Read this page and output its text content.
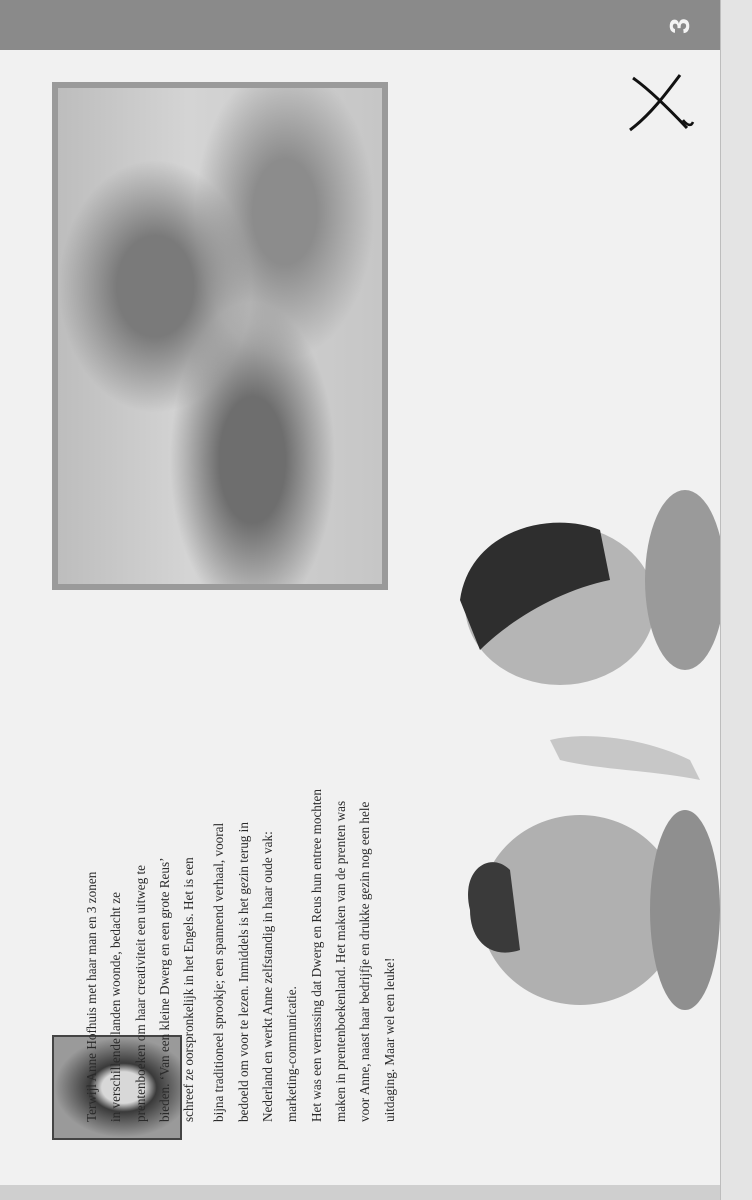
3

Terwijl Anne Hofhuis met haar man en 3 zonen in verschillende landen woonde, bedacht ze prentenboeken om haar creativiteit een uitweg te bieden. ‘Van een kleine Dwerg en een grote Reus’ schreef ze oorspronkelijk in het Engels. Het is een	bijna traditioneel sprookje; een spannend verhaal, vooral bedoeld om voor te lezen. Inmiddels is het gezin terug in Nederland en werkt Anne zelfstandig in haar oude vak: marketing-communicatie. Het was een verrassing dat Dwerg en Reus hun entree mochten maken in prentenboekenland. Het maken van de prenten was voor Anne, naast haar bedrijfje en drukke gezin nog een hele uitdaging. Maar wel een leuke!
